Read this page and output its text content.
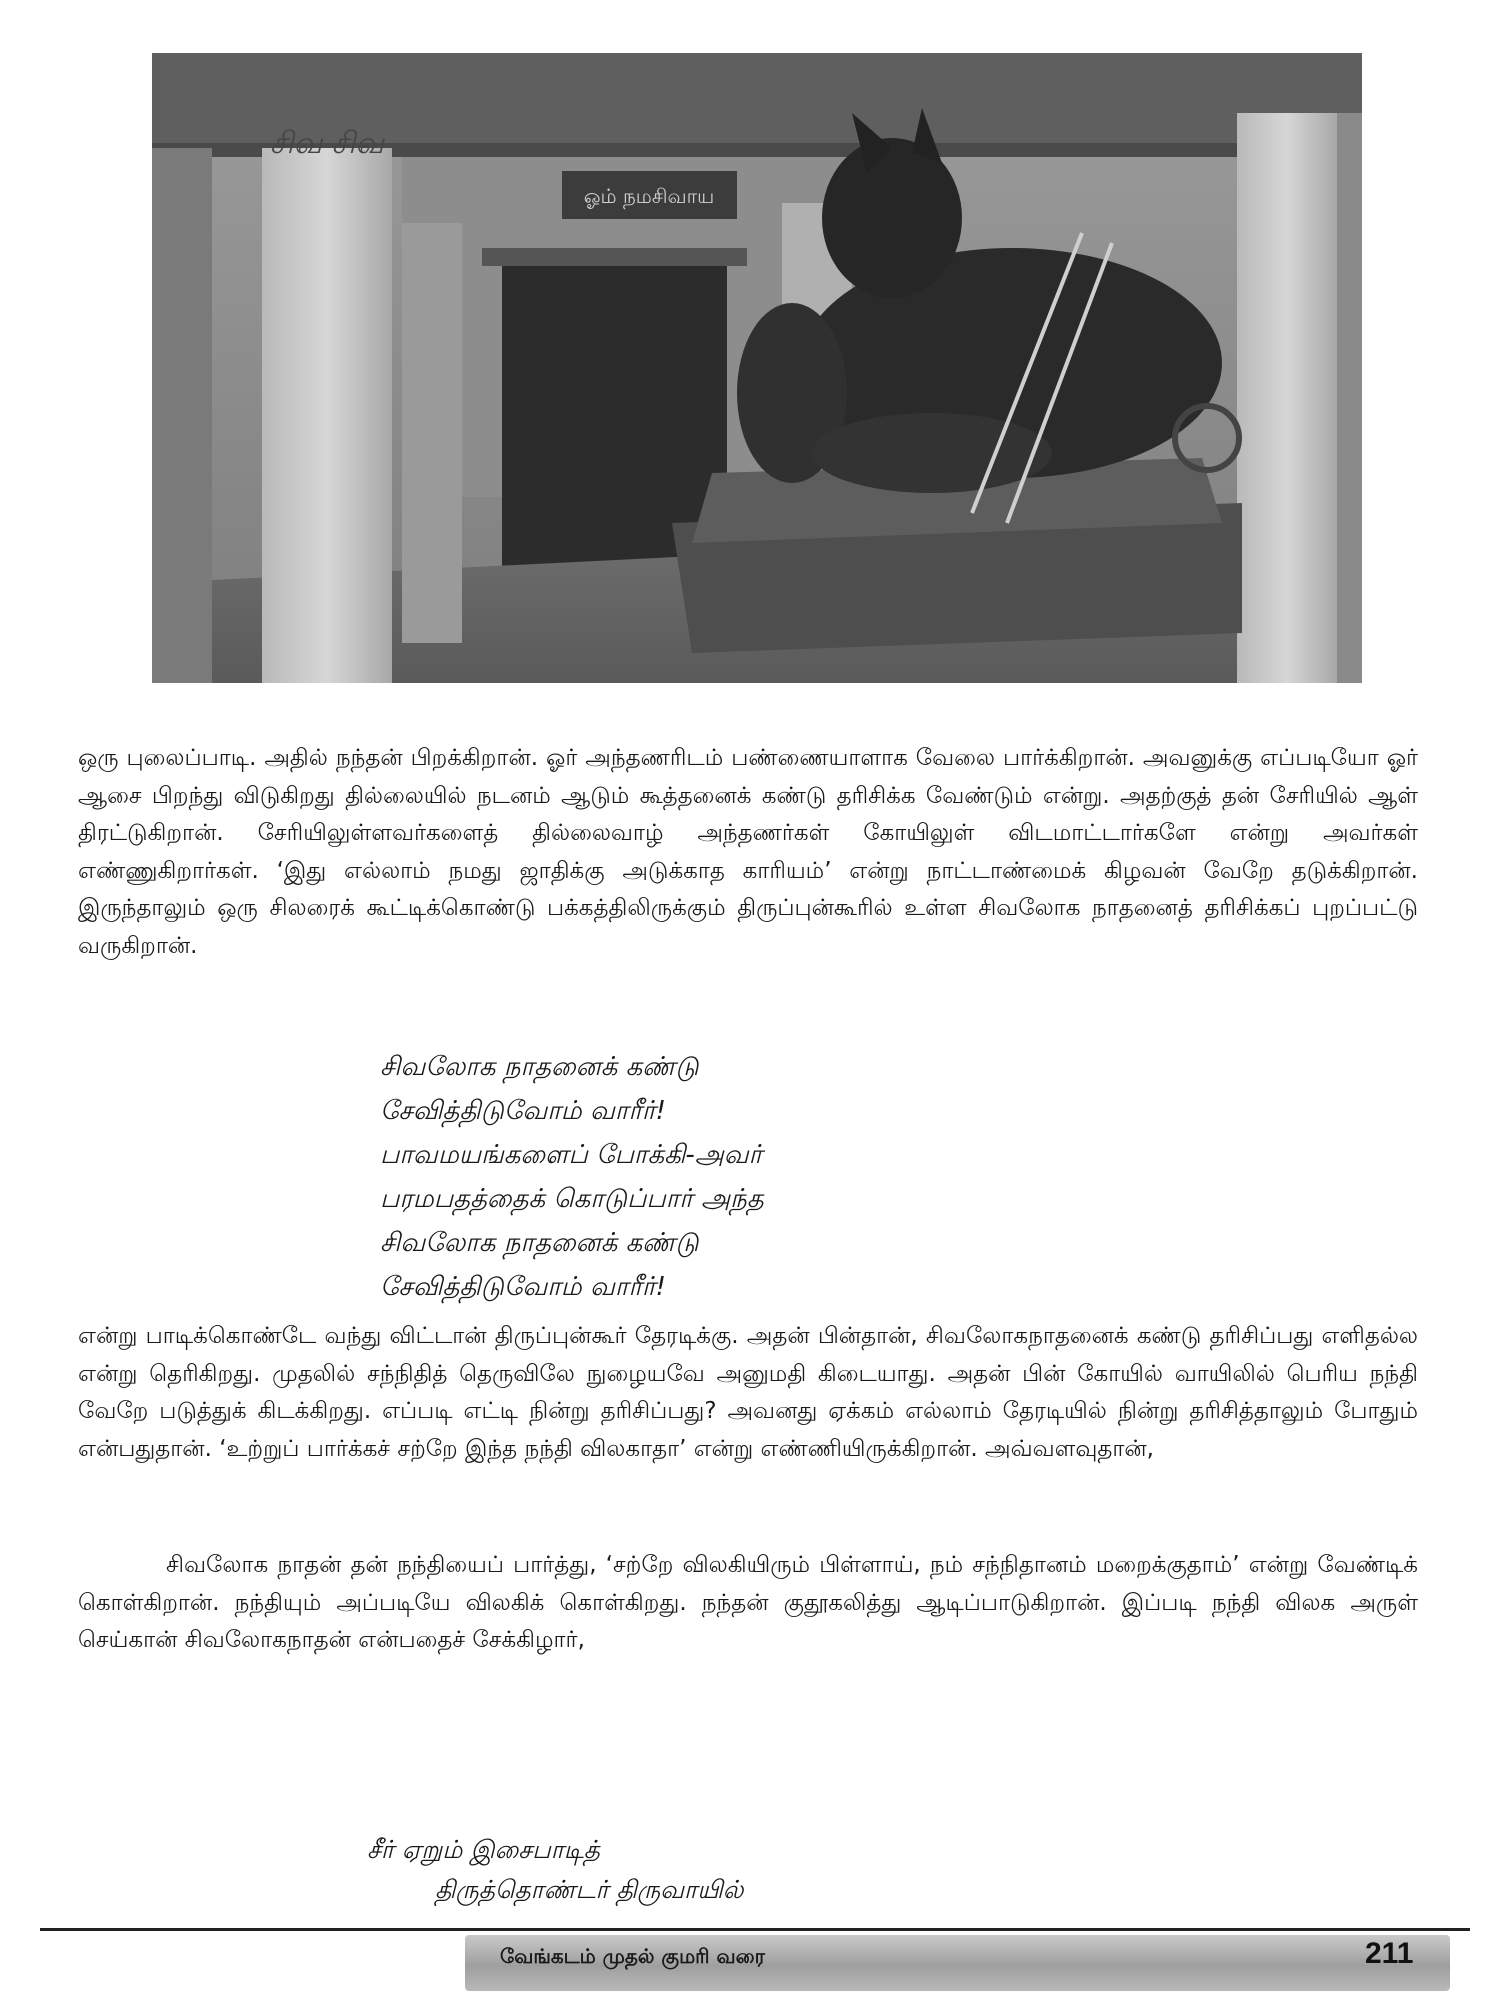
ஓம் நமசிவாய
சிவ சிவ

ஒரு புலைப்பாடி. அதில் நந்தன் பிறக்கிறான். ஓர் அந்தணரிடம் பண்ணையாளாக வேலை பார்க்கிறான். அவனுக்கு எப்படியோ ஓர் ஆசை பிறந்து விடுகிறது தில்லையில் நடனம் ஆடும் கூத்தனைக் கண்டு தரிசிக்க வேண்டும் என்று. அதற்குத் தன் சேரியில் ஆள் திரட்டுகிறான். சேரியிலுள்ளவர்களைத் தில்லைவாழ் அந்தணர்கள் கோயிலுள் விடமாட்டார்களே என்று அவர்கள் எண்ணுகிறார்கள். ‘இது எல்லாம் நமது ஜாதிக்கு அடுக்காத காரியம்’ என்று நாட்டாண்மைக் கிழவன் வேறே தடுக்கிறான். இருந்தாலும் ஒரு சிலரைக் கூட்டிக்கொண்டு பக்கத்திலிருக்கும் திருப்புன்கூரில் உள்ள சிவலோக நாதனைத் தரிசிக்கப் புறப்பட்டு வருகிறான்.

சிவலோக நாதனைக் கண்டு
சேவித்திடுவோம் வாரீர்!
பாவமயங்களைப் போக்கி-அவர்
பரமபதத்தைக் கொடுப்பார் அந்த
சிவலோக நாதனைக் கண்டு
சேவித்திடுவோம் வாரீர்!

என்று பாடிக்கொண்டே வந்து விட்டான் திருப்புன்கூர் தேரடிக்கு. அதன் பின்தான், சிவலோகநாதனைக் கண்டு தரிசிப்பது எளிதல்ல என்று தெரிகிறது. முதலில் சந்நிதித் தெருவிலே நுழையவே அனுமதி கிடையாது. அதன் பின் கோயில் வாயிலில் பெரிய நந்தி வேறே படுத்துக் கிடக்கிறது. எப்படி எட்டி நின்று தரிசிப்பது? அவனது ஏக்கம் எல்லாம் தேரடியில் நின்று தரிசித்தாலும் போதும் என்பதுதான். ‘உற்றுப் பார்க்கச் சற்றே இந்த நந்தி விலகாதா’ என்று எண்ணியிருக்கிறான். அவ்வளவுதான்,

சிவலோக நாதன் தன் நந்தியைப் பார்த்து, ‘சற்றே விலகியிரும் பிள்ளாய், நம் சந்நிதானம் மறைக்குதாம்’ என்று வேண்டிக் கொள்கிறான். நந்தியும் அப்படியே விலகிக் கொள்கிறது. நந்தன் குதூகலித்து ஆடிப்பாடுகிறான். இப்படி நந்தி விலக அருள் செய்கான் சிவலோகநாதன் என்பதைச் சேக்கிழார்,

சீர் ஏறும் இசைபாடித்
திருத்தொண்டர் திருவாயில்
வேங்கடம் முதல் குமரி வரை	211
